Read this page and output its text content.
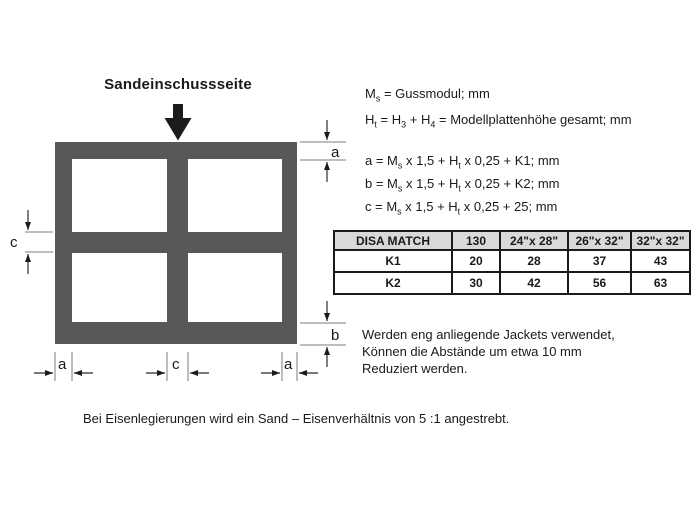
Sandeinschussseite
a
b
c
a	c	a
$M_s$ = Gussmodul; mm
$H_t = H_3 + H_4$ = Modellplattenhöhe gesamt; mm
$a = M_s$ x $1,5 + H_t$ x 0,25 + K1; mm
$b = M_s$ x $1,5 + H_t$ x 0,25 + K2; mm
$c = M_s$ x $1,5 + H_t$ x 0,25 + 25; mm
DISA MATCH	130	24"x 28"	26"x 32"	32"x 32"
K1	20	28	37	43
K2	30	42	56	63
Werden eng anliegende Jackets verwendet,
Können die Abstände um etwa 10 mm
Reduziert werden.
Bei Eisenlegierungen wird ein Sand – Eisenverhältnis von 5 :1 angestrebt.
